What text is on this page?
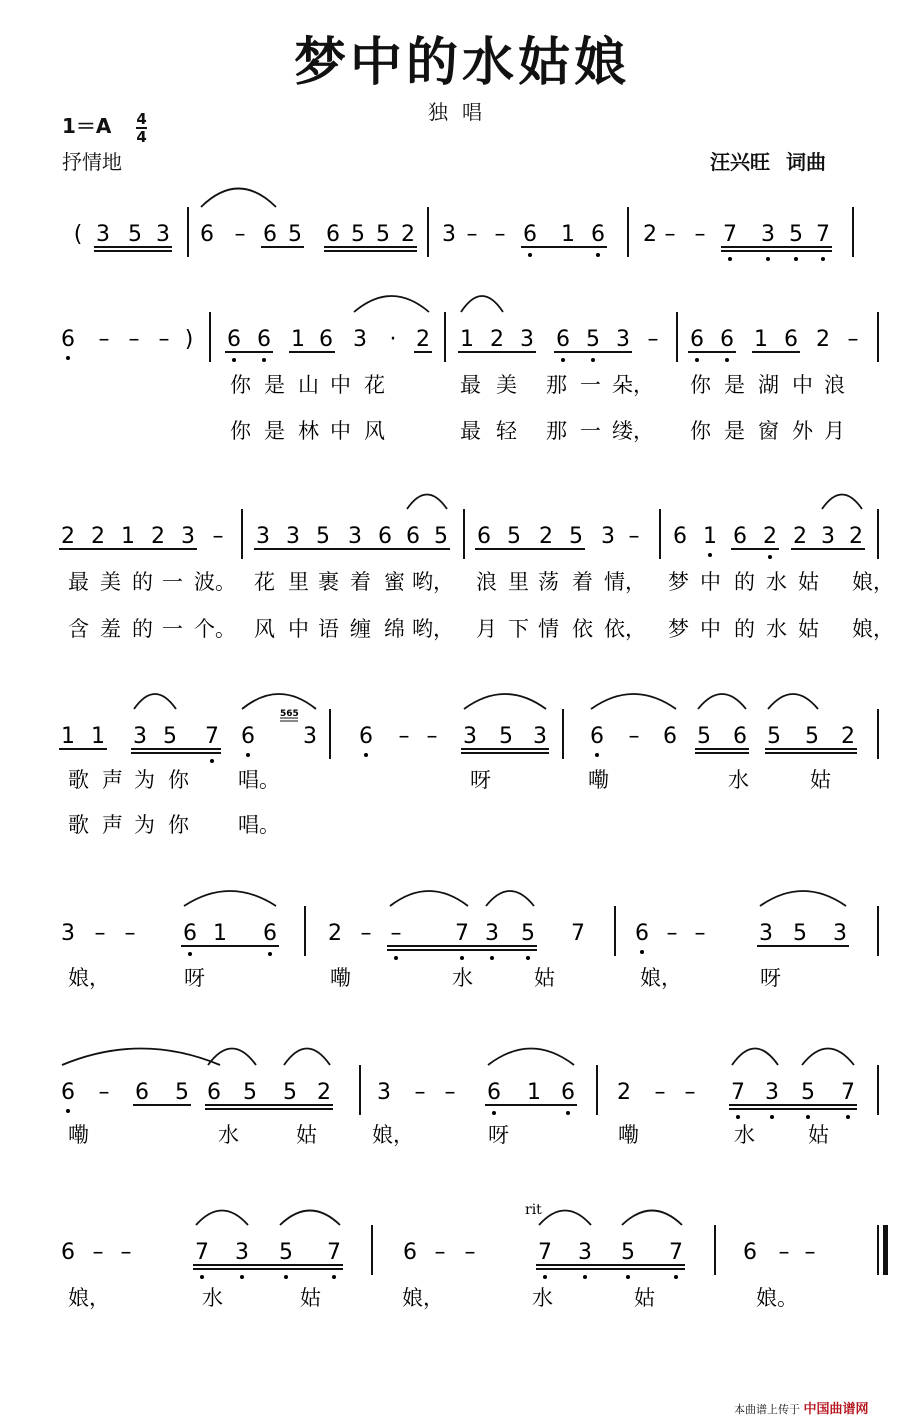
梦中的水姑娘
独唱
$1=A \frac{4}{4}$
抒情地	汪兴旺 词曲
( 3 5 3 6 – 6 5 6 5 5 2 3 – – 6 1 6 2 – – 7 3 5 7
6 – – – ) 6 6 1 6 3 · 2 1 2 3 6 5 3 – 6 6 1 6 2 –
你 是 山 中 花	最 美 那 一 朵， 你 是 湖 中 浪
你 是 林 中 风	最 轻 那 一 缕， 你 是 窗 外 月
2 2 1 2 3 – 3 3 5 3 6 6 5 6 5 2 5 3 – 6 1 6 2 2 3 2
最 美 的 一 波。 花 里 裹 着 蜜 哟， 浪 里 荡 着 情， 梦 中 的 水 姑 娘，
含 羞 的 一 个。 风 中 语 缠 绵 哟， 月 下 情 依 依， 梦 中 的 水 姑 娘，
1 1 3 5 7 6 3 6 – – 3 5 3 6 – 6 5 6 5 5 2
歌 声 为 你 唱。	呀	嘞	水	姑
歌 声 为 你 唱。
3 – – 6 1 6 2 – – 7 3 5 7 6 – – 3 5 3
娘，	呀	嘞	水	姑	娘，	呀
6 – 6 5 6 5 5 2 3 – – 6 1 6 2 – – 7 3 5 7
嘞	水	姑	娘，	呀	嘞	水	姑
6 – –	7 3 5 7	6 – –	7 3 5 7	6 – –
娘，	水	姑	娘，	水	姑	娘。
565
rit
本曲谱上传于 中国曲谱网
